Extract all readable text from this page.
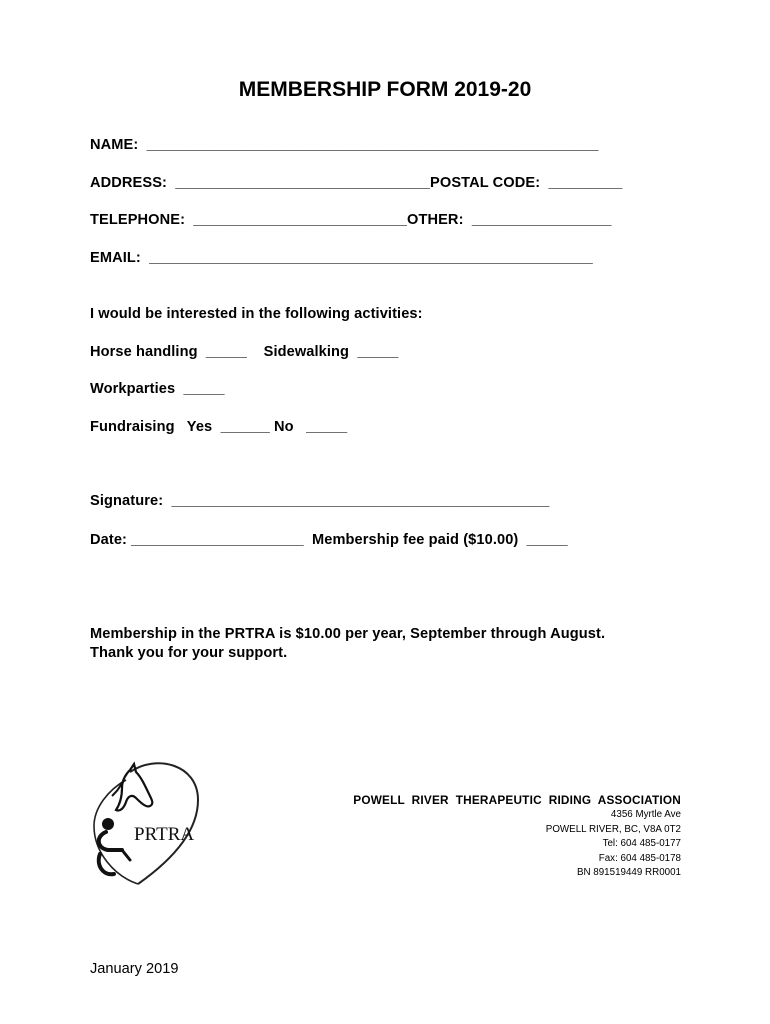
MEMBERSHIP FORM 2019-20
NAME:  _______________________________________________________
ADDRESS:  _______________________________POSTAL CODE:  _________
TELEPHONE:  __________________________OTHER:  _________________
EMAIL:  ______________________________________________________
I would be interested in the following activities:
Horse handling  _____    Sidewalking  _____
Workparties  _____
Fundraising   Yes  ______ No   _____
Signature:  ______________________________________________
Date: _____________________  Membership fee paid ($10.00)  _____
Membership in the PRTRA is $10.00 per year, September through August.
Thank you for your support.
PRTRA
POWELL  RIVER  THERAPEUTIC  RIDING  ASSOCIATION
4356 Myrtle Ave
POWELL RIVER, BC, V8A 0T2
Tel: 604 485-0177
Fax: 604 485-0178
BN 891519449 RR0001
January 2019
